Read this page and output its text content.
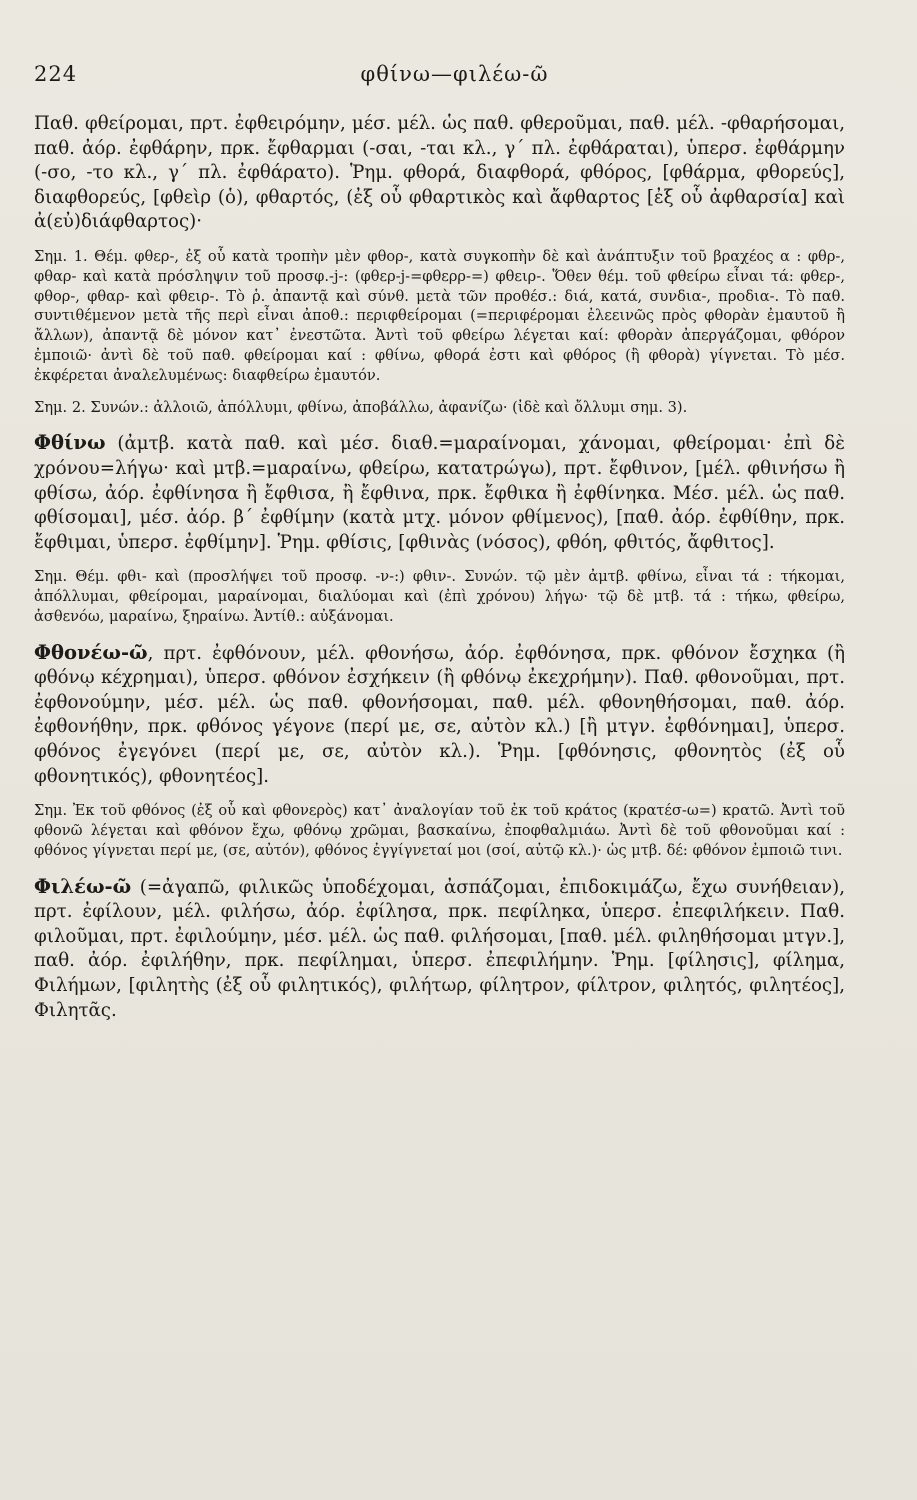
224	φθίνω—φιλέω-ῶ

Παθ. φθείρομαι, πρτ. ἐφθειρόμην, μέσ. μέλ. ὡς παθ. φθεροῦμαι, παθ. μέλ. -φθαρήσομαι, παθ. ἀόρ. ἐφθάρην, πρκ. ἔφθαρμαι (-σαι, -ται κλ., γ΄ πλ. ἐφθάραται), ὑπερσ. ἐφθάρμην (-σο, -το κλ., γ΄ πλ. ἐφθάρατο). Ῥημ. φθορά, διαφθορά, φθόρος, [φθάρμα, φθορεύς], διαφθορεύς, [φθεὶρ (ὁ), φθαρτός, (ἐξ οὗ φθαρτικὸς καὶ ἄφθαρτος [ἐξ οὗ ἀφθαρσία] καὶ ἀ(εὐ)διάφθαρτος)·

Σημ. 1. Θέμ. φθερ-, ἐξ οὗ κατὰ τροπὴν μὲν φθορ-, κατὰ συγκοπὴν δὲ καὶ ἀνάπτυξιν τοῦ βραχέος α : φθρ-, φθαρ- καὶ κατὰ πρόσληψιν τοῦ προσφ.-j-: (φθερ-j-=φθερρ-=) φθειρ-. Ὅθεν θέμ. τοῦ φθείρω εἶναι τά: φθερ-, φθορ-, φθαρ- καὶ φθειρ-. Τὸ ῥ. ἀπαντᾷ καὶ σύνθ. μετὰ τῶν προθέσ.: διά, κατά, συνδια-, προδια-. Τὸ παθ. συντιθέμενον μετὰ τῆς περὶ εἶναι ἀποθ.: περιφθείρομαι (=περιφέρομαι ἐλεεινῶς πρὸς φθορὰν ἐμαυτοῦ ἢ ἄλλων), ἀπαντᾷ δὲ μόνον κατ᾽ ἐνεστῶτα. Ἀντὶ τοῦ φθείρω λέγεται καί: φθορὰν ἀπεργάζομαι, φθόρον ἐμποιῶ· ἀντὶ δὲ τοῦ παθ. φθείρομαι καί : φθίνω, φθορά ἐστι καὶ φθόρος (ἢ φθορὰ) γίγνεται. Τὸ μέσ. ἐκφέρεται ἀναλελυμένως: διαφθείρω ἐμαυτόν.

Σημ. 2. Συνών.: ἀλλοιῶ, ἀπόλλυμι, φθίνω, ἀποβάλλω, ἀφανίζω· (ἰδὲ καὶ ὄλλυμι σημ. 3).

Φθίνω (ἀμτβ. κατὰ παθ. καὶ μέσ. διαθ.=μαραίνομαι, χάνομαι, φθείρομαι· ἐπὶ δὲ χρόνου=λήγω· καὶ μτβ.=μαραίνω, φθείρω, κατατρώγω), πρτ. ἔφθινον, [μέλ. φθινήσω ἢ φθίσω, ἀόρ. ἐφθίνησα ἢ ἔφθισα, ἢ ἔφθινα, πρκ. ἔφθικα ἢ ἐφθίνηκα. Μέσ. μέλ. ὡς παθ. φθίσομαι], μέσ. ἀόρ. β΄ ἐφθίμην (κατὰ μτχ. μόνον φθίμενος), [παθ. ἀόρ. ἐφθίθην, πρκ. ἔφθιμαι, ὑπερσ. ἐφθίμην]. Ῥημ. φθίσις, [φθινὰς (νόσος), φθόη, φθιτός, ἄφθιτος].

Σημ. Θέμ. φθι- καὶ (προσλήψει τοῦ προσφ. -ν-:) φθιν-. Συνών. τῷ μὲν ἀμτβ. φθίνω, εἶναι τά : τήκομαι, ἀπόλλυμαι, φθείρομαι, μαραίνομαι, διαλύομαι καὶ (ἐπὶ χρόνου) λήγω· τῷ δὲ μτβ. τά : τήκω, φθείρω, ἀσθενόω, μαραίνω, ξηραίνω. Ἀντίθ.: αὐξάνομαι.

Φθονέω-ῶ, πρτ. ἐφθόνουν, μέλ. φθονήσω, ἀόρ. ἐφθόνησα, πρκ. φθόνον ἔσχηκα (ἢ φθόνῳ κέχρημαι), ὑπερσ. φθόνον ἐσχήκειν (ἢ φθόνῳ ἐκεχρήμην). Παθ. φθονοῦμαι, πρτ. ἐφθονούμην, μέσ. μέλ. ὡς παθ. φθονήσομαι, παθ. μέλ. φθονηθήσομαι, παθ. ἀόρ. ἐφθονήθην, πρκ. φθόνος γέγονε (περί με, σε, αὐτὸν κλ.) [ἢ μτγν. ἐφθόνημαι], ὑπερσ. φθόνος ἐγεγόνει (περί με, σε, αὐτὸν κλ.). Ῥημ. [φθόνησις, φθονητὸς (ἐξ οὗ φθονητικός), φθονητέος].

Σημ. Ἐκ τοῦ φθόνος (ἐξ οὗ καὶ φθονερὸς) κατ᾽ ἀναλογίαν τοῦ ἐκ τοῦ κράτος (κρατέσ-ω=) κρατῶ. Ἀντὶ τοῦ φθονῶ λέγεται καὶ φθόνον ἔχω, φθόνῳ χρῶμαι, βασκαίνω, ἐποφθαλμιάω. Ἀντὶ δὲ τοῦ φθονοῦμαι καί : φθόνος γίγνεται περί με, (σε, αὐτόν), φθόνος ἐγγίγνεταί μοι (σοί, αὐτῷ κλ.)· ὡς μτβ. δέ: φθόνον ἐμποιῶ τινι.

Φιλέω-ῶ (=ἀγαπῶ, φιλικῶς ὑποδέχομαι, ἀσπάζομαι, ἐπιδοκιμάζω, ἔχω συνήθειαν), πρτ. ἐφίλουν, μέλ. φιλήσω, ἀόρ. ἐφίλησα, πρκ. πεφίληκα, ὑπερσ. ἐπεφιλήκειν. Παθ. φιλοῦμαι, πρτ. ἐφιλούμην, μέσ. μέλ. ὡς παθ. φιλήσομαι, [παθ. μέλ. φιληθήσομαι μτγν.], παθ. ἀόρ. ἐφιλήθην, πρκ. πεφίλημαι, ὑπερσ. ἐπεφιλήμην. Ῥημ. [φίλησις], φίλημα, Φιλήμων, [φιλητὴς (ἐξ οὗ φιλητικός), φιλήτωρ, φίλητρον, φίλτρον, φιλητός, φιλητέος], Φιλητᾶς.
